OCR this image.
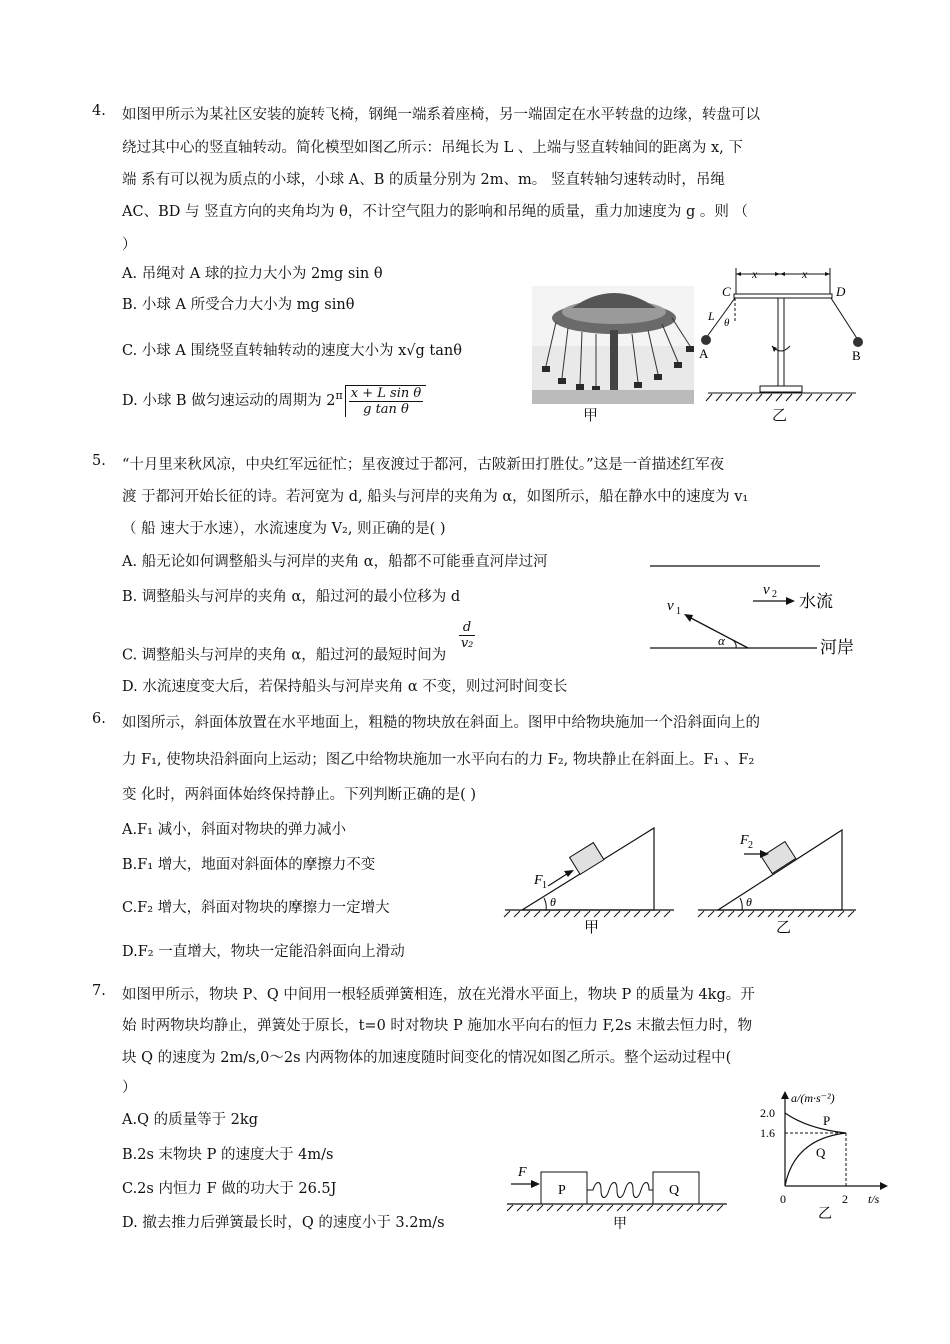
4. 如图甲所示为某社区安装的旋转飞椅，钢绳一端系着座椅，另一端固定在水平转盘的边缘，转盘可以
绕过其中心的竖直轴转动。简化模型如图乙所示：吊绳长为 L 、上端与竖直转轴间的距离为 x, 下
端 系有可以视为质点的小球，小球 A、B 的质量分别为 2m、m。 竖直转轴匀速转动时，吊绳
AC、BD 与 竖直方向的夹角均为 θ，不计空气阻力的影响和吊绳的质量，重力加速度为 g 。则 （
）
A. 吊绳对 A 球的拉力大小为 2mg sin θ
B. 小球 A 所受合力大小为 mg sinθ
C. 小球 A 围绕竖直转轴转动的速度大小为 x√g tanθ
D. 小球 B 做匀速运动的周期为 $2^\pi \frac{\text{x + L sin θ}}{\text{g tan θ}}$	甲
x	x
C	D
L θ
A	B
乙
5. “十月里来秋风凉，中央红军远征忙；星夜渡过于都河，古陂新田打胜仗。”这是一首描述红军夜
渡 于都河开始长征的诗。若河宽为 d, 船头与河岸的夹角为 α，如图所示，船在静水中的速度为 v₁
（ 船 速大于水速），水流速度为 V₂, 则正确的是( )
A. 船无论如何调整船头与河岸的夹角 α，船都不可能垂直河岸过河
B. 调整船头与河岸的夹角 α，船过河的最小位移为 d
C. 调整船头与河岸的夹角 α，船过河的最短时间为
$\frac{d}{\text{v₂}}$
D. 水流速度变大后，若保持船头与河岸夹角 α 不变，则过河时间变长
v 2 水流
v 1
α	河岸
6. 如图所示，斜面体放置在水平地面上，粗糙的物块放在斜面上。图甲中给物块施加一个沿斜面向上的
力 F₁, 使物块沿斜面向上运动；图乙中给物块施加一水平向右的力 F₂, 物块静止在斜面上。F₁ 、F₂
变 化时，两斜面体始终保持静止。下列判断正确的是( )
A.F₁ 减小，斜面对物块的弹力减小
B.F₁ 增大，地面对斜面体的摩擦力不变
C.F₂ 增大，斜面对物块的摩擦力一定增大
D.F₂ 一直增大，物块一定能沿斜面向上滑动
F 1
θ
甲
F 2
θ
乙
7. 如图甲所示，物块 P、Q 中间用一根轻质弹簧相连，放在光滑水平面上，物块 P 的质量为 4kg。开
始 时两物块均静止，弹簧处于原长，t=0 时对物块 P 施加水平向右的恒力 F,2s 末撤去恒力时，物
块 Q 的速度为 2m/s,0～2s 内两物体的加速度随时间变化的情况如图乙所示。整个运动过程中(
）
A.Q 的质量等于 2kg
B.2s 末物块 P 的速度大于 4m/s
C.2s 内恒力 F 做的功大于 26.5J
D. 撤去推力后弹簧最长时，Q 的速度小于 3.2m/s
F
P	Q
甲
a/(m·s⁻²)
t/s
2.0
1.6
0	2
P
Q
乙
